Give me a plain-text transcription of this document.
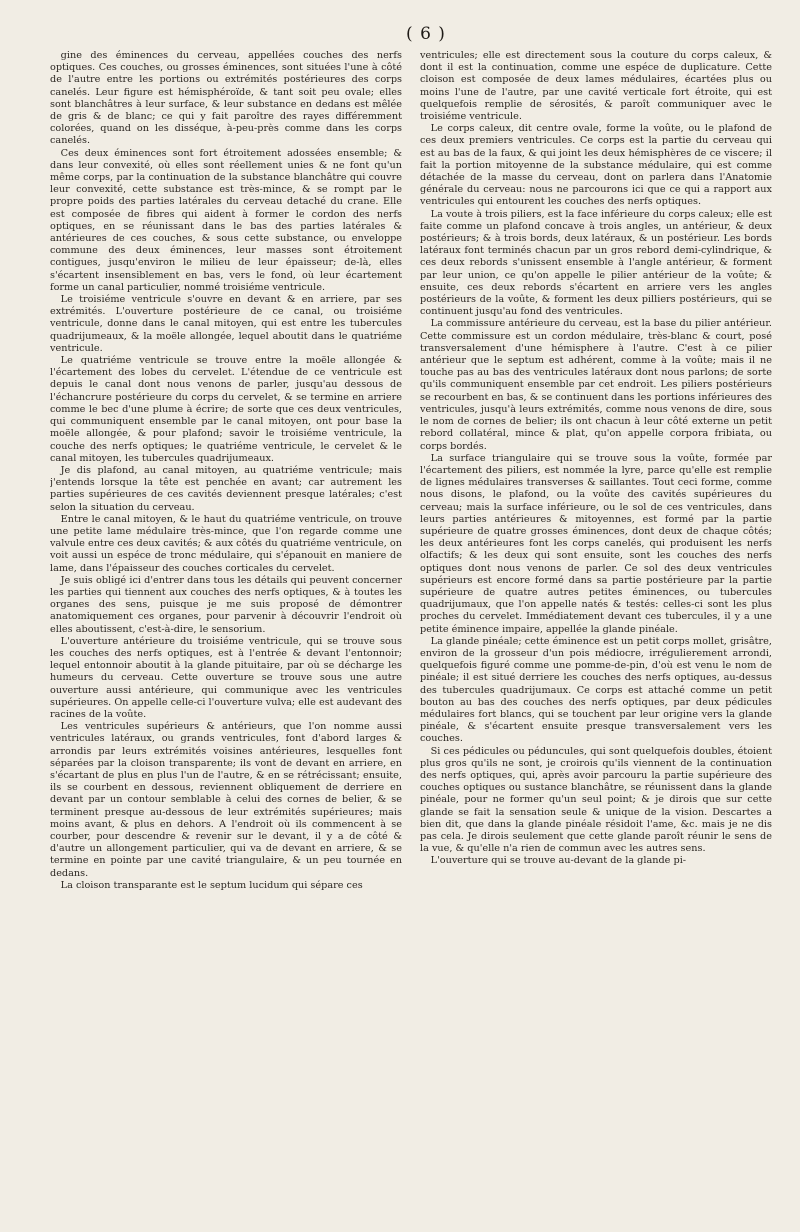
( 6 )

gine des éminences du cerveau, appellées couches des nerfs optiques. Ces couches, ou grosses éminences, sont situées l'une à côté de l'autre entre les portions ou extrémités postérieures des corps canelés. Leur figure est hémisphéroïde, & tant soit peu ovale; elles sont blanchâtres à leur surface, & leur substance en dedans est mêlée de gris & de blanc; ce qui y fait paroître des rayes différemment colorées, quand on les disséque, à-peu-près comme dans les corps canelés.

Ces deux éminences sont fort étroitement adossées ensemble; & dans leur convexité, où elles sont réellement unies & ne font qu'un même corps, par la continuation de la substance blanchâtre qui couvre leur convexité, cette substance est très-mince, & se rompt par le propre poids des parties latérales du cerveau detaché du crane. Elle est composée de fibres qui aident à former le cordon des nerfs optiques, en se réunissant dans le bas des parties latérales & antérieures de ces couches, & sous cette substance, ou enveloppe commune des deux éminences, leur masses sont étroitement contigues, jusqu'environ le milieu de leur épaisseur; de-là, elles s'écartent insensiblement en bas, vers le fond, où leur écartement forme un canal particulier, nommé troisiéme ventricule.

Le troisiéme ventricule s'ouvre en devant & en arriere, par ses extrémités. L'ouverture postérieure de ce canal, ou troisiéme ventricule, donne dans le canal mitoyen, qui est entre les tubercules quadrijumeaux, & la moële allongée, lequel aboutit dans le quatriéme ventricule.

Le quatriéme ventricule se trouve entre la moële allongée & l'écartement des lobes du cervelet. L'étendue de ce ventricule est depuis le canal dont nous venons de parler, jusqu'au dessous de l'échancrure postérieure du corps du cervelet, & se termine en arriere comme le bec d'une plume à écrire; de sorte que ces deux ventricules, qui communiquent ensemble par le canal mitoyen, ont pour base la moële allongée, & pour plafond; savoir le troisiéme ventricule, la couche des nerfs optiques; le quatriéme ventricule, le cervelet & le canal mitoyen, les tubercules quadrijumeaux.

Je dis plafond, au canal mitoyen, au quatriéme ventricule; mais j'entends lorsque la tête est penchée en avant; car autrement les parties supérieures de ces cavités deviennent presque latérales; c'est selon la situation du cerveau.

Entre le canal mitoyen, & le haut du quatriéme ventricule, on trouve une petite lame médulaire très-mince, que l'on regarde comme une valvule entre ces deux cavités; & aux côtés du quatriéme ventricule, on voit aussi un espéce de tronc médulaire, qui s'épanouit en maniere de lame, dans l'épaisseur des couches corticales du cervelet.

Je suis obligé ici d'entrer dans tous les détails qui peuvent concerner les parties qui tiennent aux couches des nerfs optiques, & à toutes les organes des sens, puisque je me suis proposé de démontrer anatomiquement ces organes, pour parvenir à découvrir l'endroit où elles aboutissent, c'est-à-dire, le sensorium.

L'ouverture antérieure du troisiéme ventricule, qui se trouve sous les couches des nerfs optiques, est à l'entrée & devant l'entonnoir; lequel entonnoir aboutit à la glande pituitaire, par où se décharge les humeurs du cerveau. Cette ouverture se trouve sous une autre ouverture aussi antérieure, qui communique avec les ventricules supérieures. On appelle celle-ci l'ouverture vulva; elle est audevant des racines de la voûte.

Les ventricules supérieurs & antérieurs, que l'on nomme aussi ventricules latéraux, ou grands ventricules, font d'abord larges & arrondis par leurs extrémités voisines antérieures, lesquelles font séparées par la cloison transparente; ils vont de devant en arriere, en s'écartant de plus en plus l'un de l'autre, & en se rétrécissant; ensuite, ils se courbent en dessous, reviennent obliquement de derriere en devant par un contour semblable à celui des cornes de belier, & se terminent presque au-dessous de leur extrémités supérieures; mais moins avant, & plus en dehors. A l'endroit où ils commencent à se courber, pour descendre & revenir sur le devant, il y a de côté & d'autre un allongement particulier, qui va de devant en arriere, & se termine en pointe par une cavité triangulaire, & un peu tournée en dedans.

La cloison transparante est le septum lucidum qui sépare ces

ventricules; elle est directement sous la couture du corps caleux, & dont il est la continuation, comme une espéce de duplicature. Cette cloison est composée de deux lames médulaires, écartées plus ou moins l'une de l'autre, par une cavité verticale fort étroite, qui est quelquefois remplie de sérosités, & paroît communiquer avec le troisiéme ventricule.

Le corps caleux, dit centre ovale, forme la voûte, ou le plafond de ces deux premiers ventricules. Ce corps est la partie du cerveau qui est au bas de la faux, & qui joint les deux hémisphères de ce viscere; il fait la portion mitoyenne de la substance médulaire, qui est comme détachée de la masse du cerveau, dont on parlera dans l'Anatomie générale du cerveau: nous ne parcourons ici que ce qui a rapport aux ventricules qui entourent les couches des nerfs optiques.

La voute à trois piliers, est la face inférieure du corps caleux; elle est faite comme un plafond concave à trois angles, un antérieur, & deux postérieurs; & à trois bords, deux latéraux, & un postérieur. Les bords latéraux font terminés chacun par un gros rebord demi-cylindrique, & ces deux rebords s'unissent ensemble à l'angle antérieur, & forment par leur union, ce qu'on appelle le pilier antérieur de la voûte; & ensuite, ces deux rebords s'écartent en arriere vers les angles postérieurs de la voûte, & forment les deux pilliers postérieurs, qui se continuent jusqu'au fond des ventricules.

La commissure antérieure du cerveau, est la base du pilier antérieur. Cette commissure est un cordon médulaire, très-blanc & court, posé transversalement d'une hémisphere à l'autre. C'est à ce pilier antérieur que le septum est adhérent, comme à la voûte; mais il ne touche pas au bas des ventricules latéraux dont nous parlons; de sorte qu'ils communiquent ensemble par cet endroit. Les piliers postérieurs se recourbent en bas, & se continuent dans les portions inférieures des ventricules, jusqu'à leurs extrémités, comme nous venons de dire, sous le nom de cornes de belier; ils ont chacun à leur côté externe un petit rebord collatéral, mince & plat, qu'on appelle corpora fribiata, ou corps bordés.

La surface triangulaire qui se trouve sous la voûte, formée par l'écartement des piliers, est nommée la lyre, parce qu'elle est remplie de lignes médulaires transverses & saillantes. Tout ceci forme, comme nous disons, le plafond, ou la voûte des cavités supérieures du cerveau; mais la surface inférieure, ou le sol de ces ventricules, dans leurs parties antérieures & mitoyennes, est formé par la partie supérieure de quatre grosses éminences, dont deux de chaque côtés; les deux antérieures font les corps canelés, qui produisent les nerfs olfactifs; & les deux qui sont ensuite, sont les couches des nerfs optiques dont nous venons de parler. Ce sol des deux ventricules supérieurs est encore formé dans sa partie postérieure par la partie supérieure de quatre autres petites éminences, ou tubercules quadrijumaux, que l'on appelle natés & testés: celles-ci sont les plus proches du cervelet. Immédiatement devant ces tubercules, il y a une petite éminence impaire, appellée la glande pinéale.

La glande pinéale; cette éminence est un petit corps mollet, grisâtre, environ de la grosseur d'un pois médiocre, irrégulierement arrondi, quelquefois figuré comme une pomme-de-pin, d'où est venu le nom de pinéale; il est situé derriere les couches des nerfs optiques, au-dessus des tubercules quadrijumaux. Ce corps est attaché comme un petit bouton au bas des couches des nerfs optiques, par deux pédicules médulaires fort blancs, qui se touchent par leur origine vers la glande pinéale, & s'écartent ensuite presque transversalement vers les couches.

Si ces pédicules ou péduncules, qui sont quelquefois doubles, étoient plus gros qu'ils ne sont, je croirois qu'ils viennent de la continuation des nerfs optiques, qui, après avoir parcouru la partie supérieure des couches optiques ou sustance blanchâtre, se réunissent dans la glande pinéale, pour ne former qu'un seul point; & je dirois que sur cette glande se fait la sensation seule & unique de la vision. Descartes a bien dit, que dans la glande pinéale résidoit l'ame, &c. mais je ne dis pas cela. Je dirois seulement que cette glande paroît réunir le sens de la vue, & qu'elle n'a rien de commun avec les autres sens.

L'ouverture qui se trouve au-devant de la glande pi-
